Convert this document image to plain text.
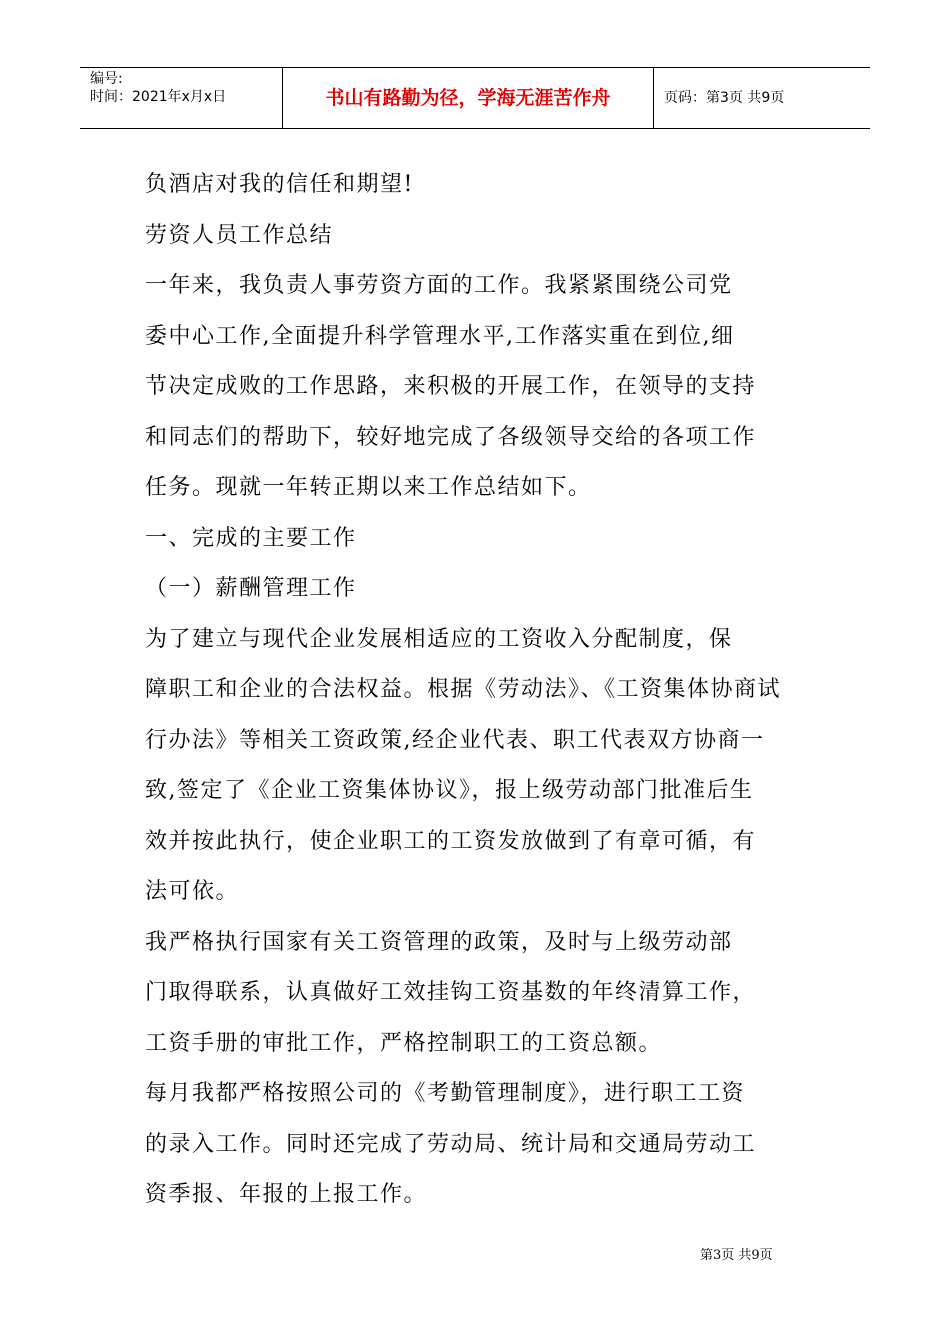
编号:
时间：2021年x月x日	书山有路勤为径，学海无涯苦作舟	页码：第3页 共9页
负酒店对我的信任和期望!
劳资人员工作总结
一年来，我负责人事劳资方面的工作。我紧紧围绕公司党
委中心工作,全面提升科学管理水平,工作落实重在到位,细
节决定成败的工作思路，来积极的开展工作，在领导的支持
和同志们的帮助下，较好地完成了各级领导交给的各项工作
任务。现就一年转正期以来工作总结如下。
一、完成的主要工作
（一）薪酬管理工作
为了建立与现代企业发展相适应的工资收入分配制度，保
障职工和企业的合法权益。根据《劳动法》、《工资集体协商试
行办法》等相关工资政策,经企业代表、职工代表双方协商一
致,签定了《企业工资集体协议》，报上级劳动部门批准后生
效并按此执行，使企业职工的工资发放做到了有章可循，有
法可依。
我严格执行国家有关工资管理的政策，及时与上级劳动部
门取得联系，认真做好工效挂钩工资基数的年终清算工作，
工资手册的审批工作，严格控制职工的工资总额。
每月我都严格按照公司的《考勤管理制度》，进行职工工资
的录入工作。同时还完成了劳动局、统计局和交通局劳动工
资季报、年报的上报工作。
第3页 共9页
